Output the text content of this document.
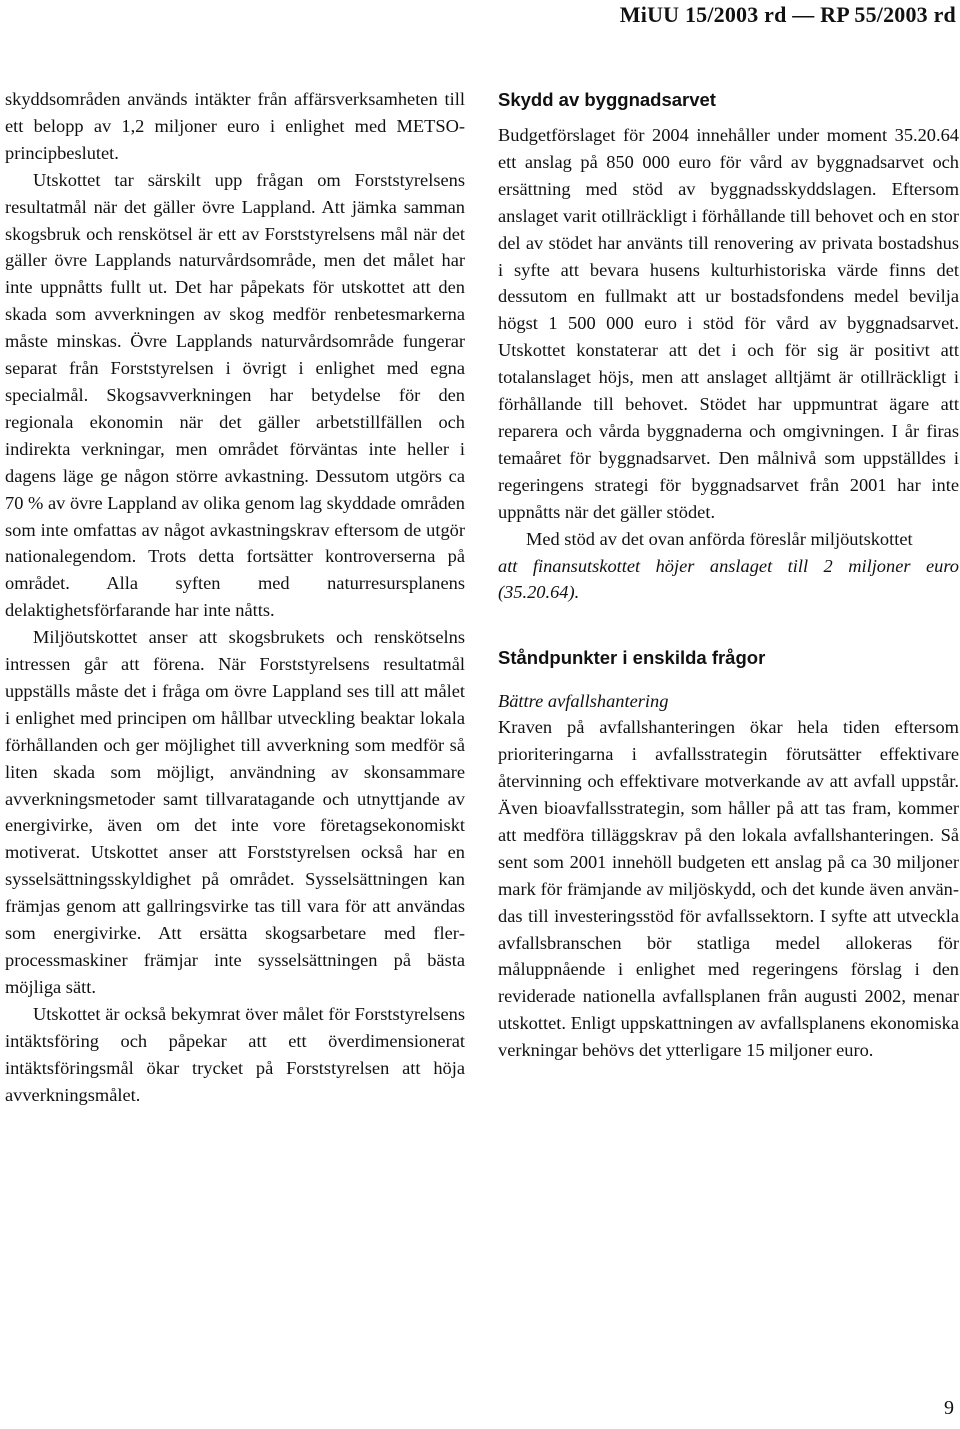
MiUU 15/2003 rd — RP 55/2003 rd

skyddsområden används intäkter från affärsverksamheten till ett belopp av 1,2 miljoner euro i enlighet med METSO-principbeslutet.

Utskottet tar särskilt upp frågan om Forststyrelsens resultatmål när det gäller övre Lappland. Att jämka samman skogsbruk och renskötsel är ett av Forststyrelsens mål när det gäller övre Lapplands naturvårdsområde, men det målet har inte uppnåtts fullt ut. Det har påpekats för utskottet att den skada som avverkningen av skog medför renbetesmarkerna måste minskas. Övre Lapplands naturvårdsområde fungerar separat från Forststyrelsen i övrigt i enlighet med egna specialmål. Skogsavverkningen har betydelse för den regionala ekonomin när det gäller arbetstillfällen och indirekta verkningar, men området förväntas inte heller i dagens läge ge någon större avkastning. Dessutom utgörs ca 70 % av övre Lappland av olika genom lag skyddade områden som inte omfattas av något avkastningskrav eftersom de utgör nationalegendom. Trots detta fortsätter kontroverserna på området. Alla syften med naturresursplanens delaktighetsförfarande har inte nåtts.

Miljöutskottet anser att skogsbrukets och renskötselns intressen går att förena. När Forststyrelsens resultatmål uppställs måste det i fråga om övre Lappland ses till att målet i enlighet med principen om hållbar utveckling beaktar lokala förhållanden och ger möjlighet till avverkning som medför så liten skada som möjligt, användning av skonsammare avverkningsmetoder samt tillvaratagande och utnyttjande av energivirke, även om det inte vore företagsekonomiskt motiverat. Utskottet anser att Forststyrelsen också har en sysselsättningsskyldighet på området. Sysselsättningen kan främjas genom att gallringsvirke tas till vara för att användas som energivirke. Att ersätta skogsarbetare med flerprocessmaskiner främjar inte sysselsättningen på bästa möjliga sätt.

Utskottet är också bekymrat över målet för Forststyrelsens intäktsföring och påpekar att ett överdimensionerat intäktsföringsmål ökar trycket på Forststyrelsen att höja avverkningsmålet.

Skydd av byggnadsarvet

Budgetförslaget för 2004 innehåller under moment 35.20.64 ett anslag på 850 000 euro för vård av byggnadsarvet och ersättning med stöd av byggnadsskyddslagen. Eftersom anslaget varit otillräckligt i förhållande till behovet och en stor del av stödet har använts till renovering av privata bostadshus i syfte att bevara husens kulturhistoriska värde finns det dessutom en fullmakt att ur bostadsfondens medel bevilja högst 1 500 000 euro i stöd för vård av byggnadsarvet. Utskottet konstaterar att det i och för sig är positivt att totalanslaget höjs, men att anslaget alltjämt är otillräckligt i förhållande till behovet. Stödet har uppmuntrat ägare att reparera och vårda byggnaderna och omgivningen. I år firas temaåret för byggnadsarvet. Den målnivå som uppställdes i regeringens strategi för byggnadsarvet från 2001 har inte uppnåtts när det gäller stödet.

Med stöd av det ovan anförda föreslår miljöutskottet

att finansutskottet höjer anslaget till 2 miljoner euro (35.20.64).

Ståndpunkter i enskilda frågor

Bättre avfallshantering

Kraven på avfallshanteringen ökar hela tiden eftersom prioriteringarna i avfallsstrategin förutsätter effektivare återvinning och effektivare motverkande av att avfall uppstår. Även bioavfallsstrategin, som håller på att tas fram, kommer att medföra tilläggskrav på den lokala avfallshanteringen. Så sent som 2001 innehöll budgeten ett anslag på ca 30 miljoner mark för främjande av miljöskydd, och det kunde även användas till investeringsstöd för avfallssektorn. I syfte att utveckla avfallsbranschen bör statliga medel allokeras för måluppnående i enlighet med regeringens förslag i den reviderade nationella avfallsplanen från augusti 2002, menar utskottet. Enligt uppskattningen av avfallsplanens ekonomiska verkningar behövs det ytterligare 15 miljoner euro.

9
